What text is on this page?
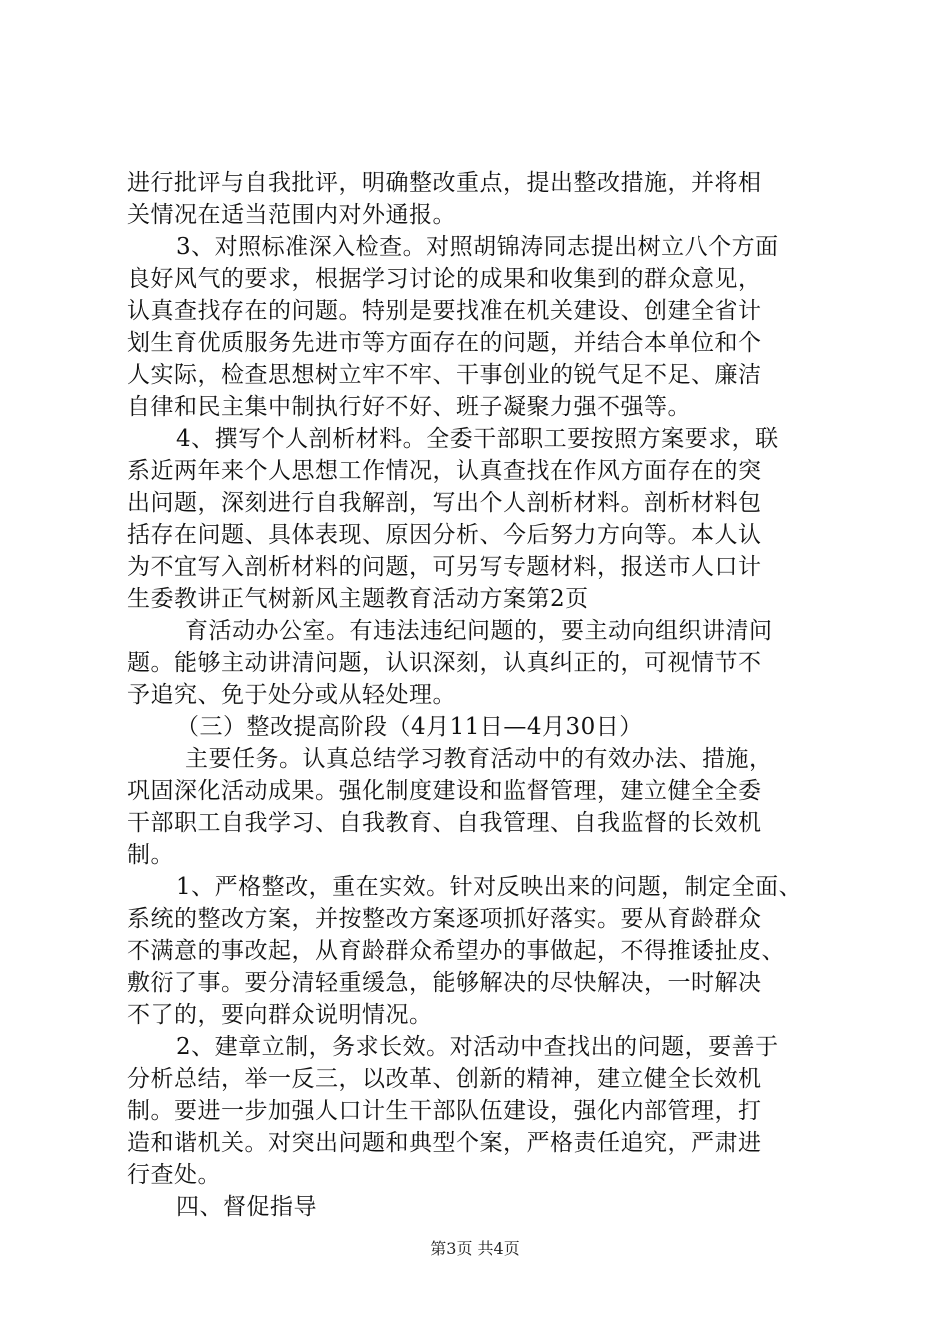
进行批评与自我批评，明确整改重点，提出整改措施，并将相
关情况在适当范围内对外通报。
3、对照标准深入检查。对照胡锦涛同志提出树立八个方面
良好风气的要求，根据学习讨论的成果和收集到的群众意见，
认真查找存在的问题。特别是要找准在机关建设、创建全省计
划生育优质服务先进市等方面存在的问题，并结合本单位和个
人实际，检查思想树立牢不牢、干事创业的锐气足不足、廉洁
自律和民主集中制执行好不好、班子凝聚力强不强等。
4、撰写个人剖析材料。全委干部职工要按照方案要求，联
系近两年来个人思想工作情况，认真查找在作风方面存在的突
出问题，深刻进行自我解剖，写出个人剖析材料。剖析材料包
括存在问题、具体表现、原因分析、今后努力方向等。本人认
为不宜写入剖析材料的问题，可另写专题材料，报送市人口计
生委教讲正气树新风主题教育活动方案第2页
育活动办公室。有违法违纪问题的，要主动向组织讲清问
题。能够主动讲清问题，认识深刻，认真纠正的，可视情节不
予追究、免于处分或从轻处理。
（三）整改提高阶段（4月11日—4月30日）
主要任务。认真总结学习教育活动中的有效办法、措施，
巩固深化活动成果。强化制度建设和监督管理，建立健全全委
干部职工自我学习、自我教育、自我管理、自我监督的长效机
制。
1、严格整改，重在实效。针对反映出来的问题，制定全面、
系统的整改方案，并按整改方案逐项抓好落实。要从育龄群众
不满意的事改起，从育龄群众希望办的事做起，不得推诿扯皮、
敷衍了事。要分清轻重缓急，能够解决的尽快解决，一时解决
不了的，要向群众说明情况。
2、建章立制，务求长效。对活动中查找出的问题，要善于
分析总结，举一反三，以改革、创新的精神，建立健全长效机
制。要进一步加强人口计生干部队伍建设，强化内部管理，打
造和谐机关。对突出问题和典型个案，严格责任追究，严肃进
行查处。
四、督促指导
第3页 共4页
